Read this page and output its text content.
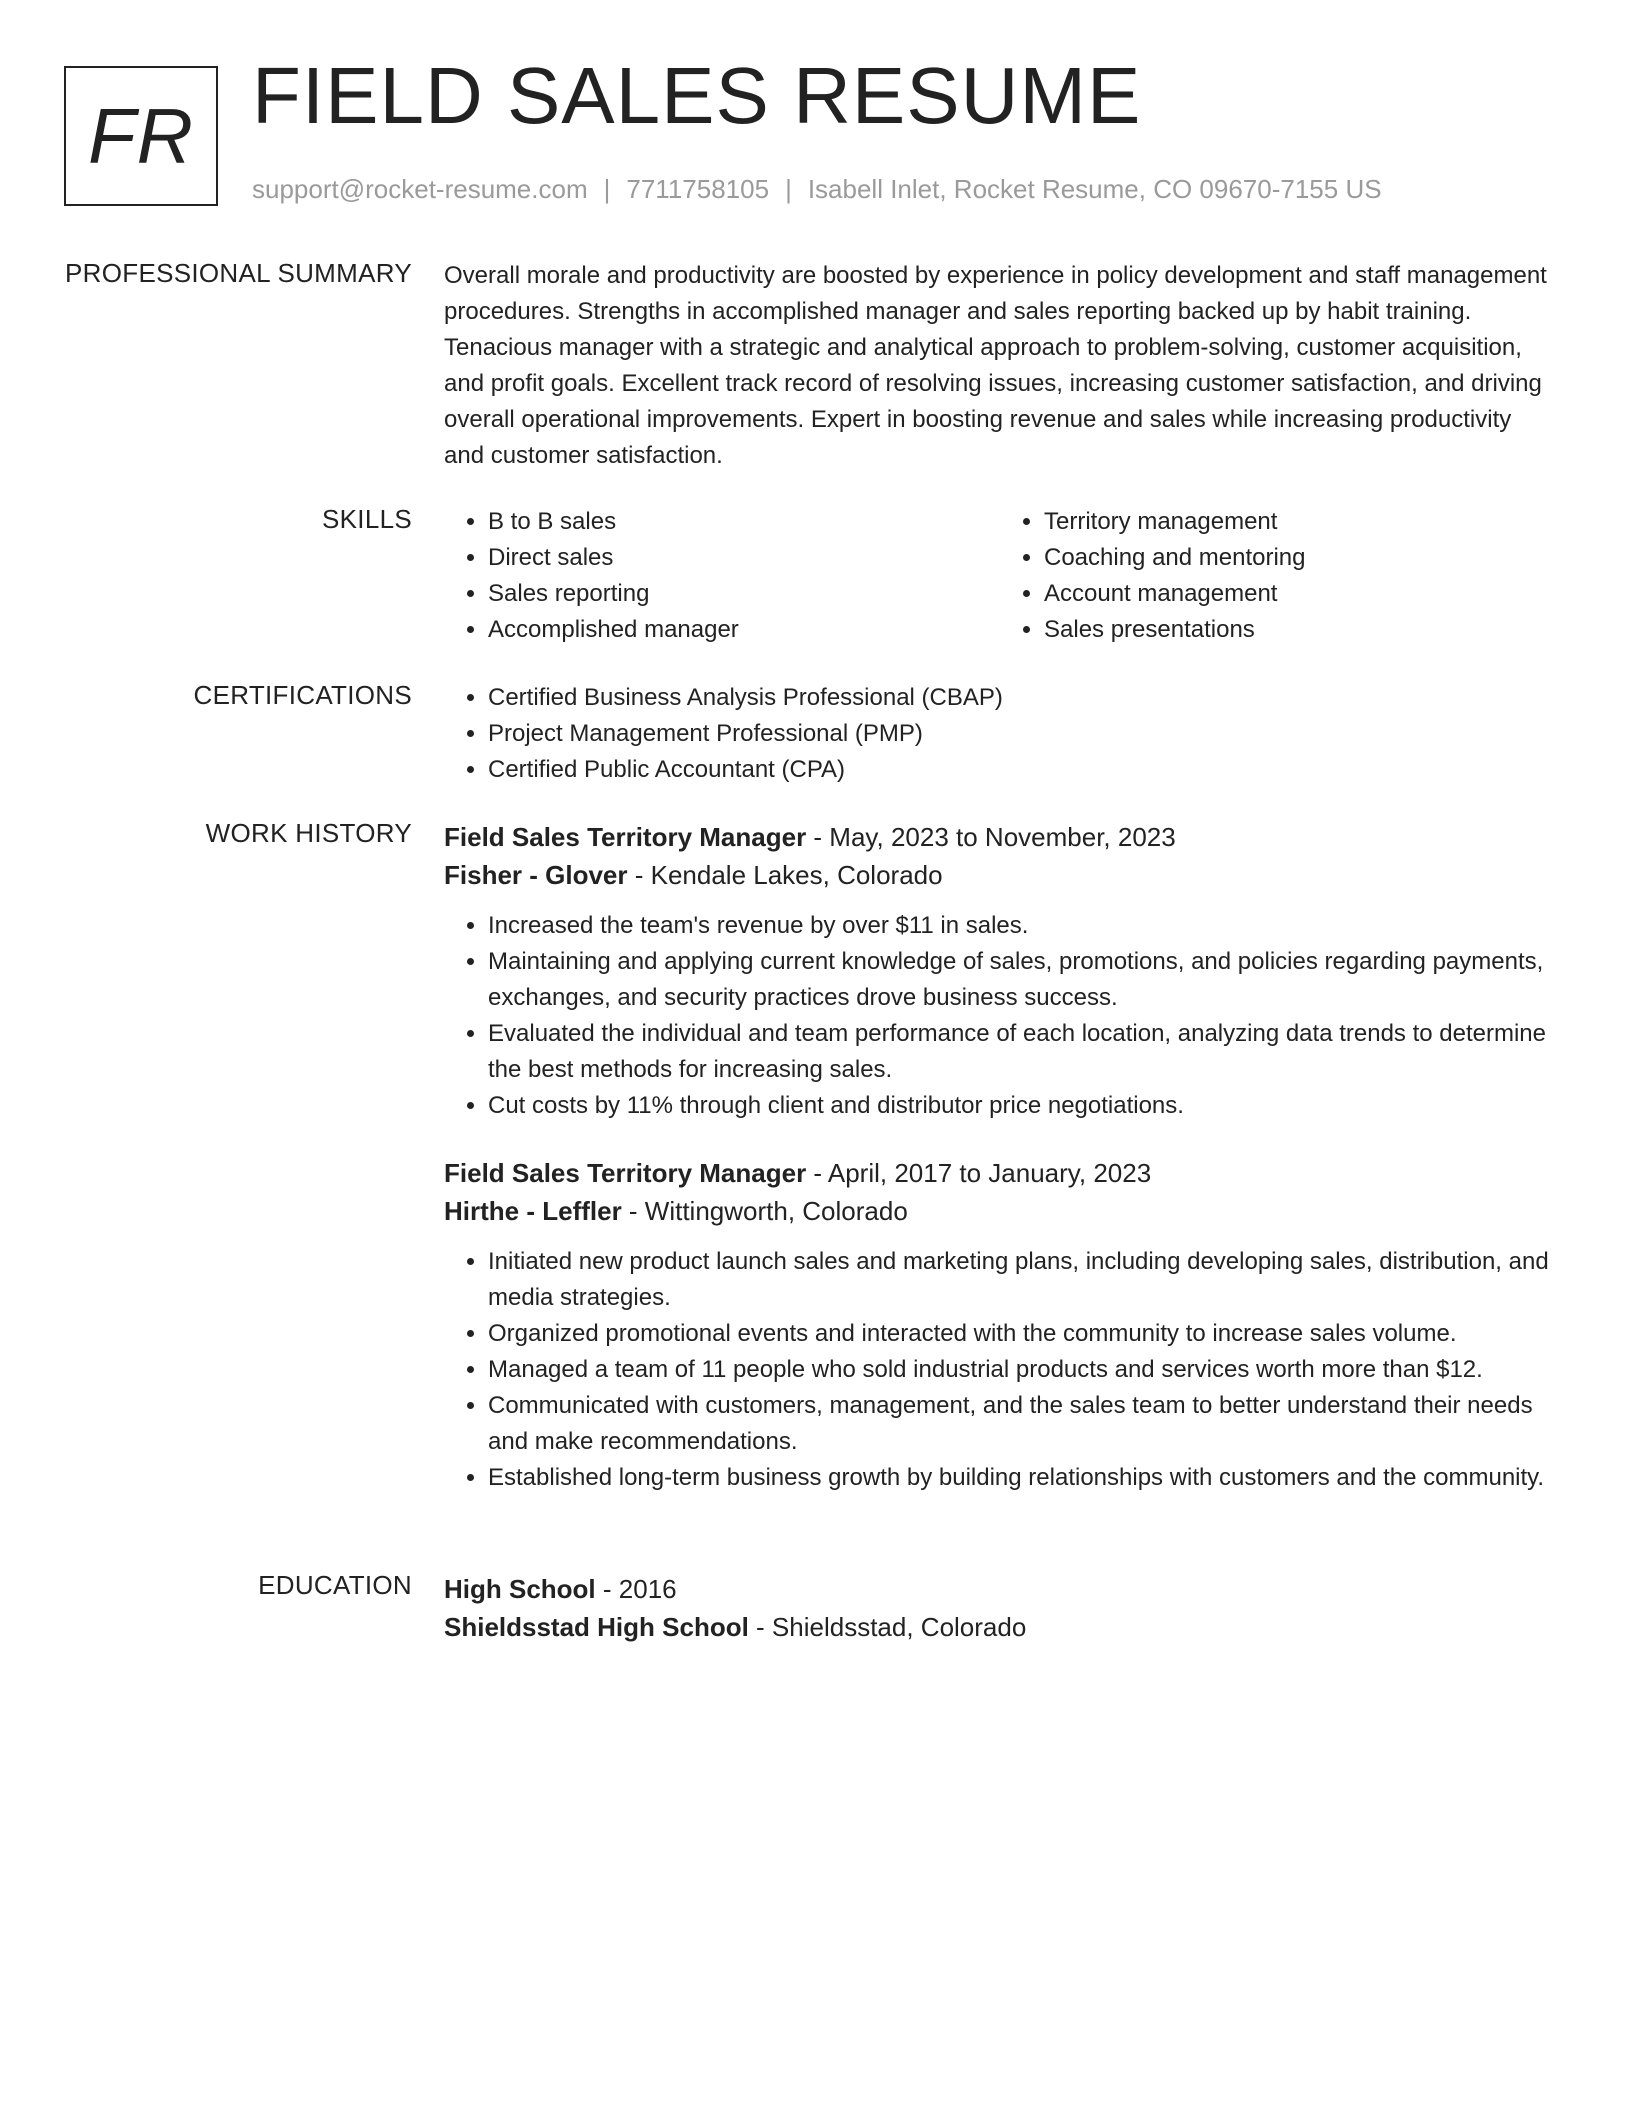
FR FIELD SALES RESUME
support@rocket-resume.com | 7711758105 | Isabell Inlet, Rocket Resume, CO 09670-7155 US
PROFESSIONAL SUMMARY Overall morale and productivity are boosted by experience in policy development and staff management procedures. Strengths in accomplished manager and sales reporting backed up by habit training. Tenacious manager with a strategic and analytical approach to problem-solving, customer acquisition, and profit goals. Excellent track record of resolving issues, increasing customer satisfaction, and driving overall operational improvements. Expert in boosting revenue and sales while increasing productivity and customer satisfaction.
SKILLS	• B to B sales
• Direct sales
• Sales reporting
• Accomplished manager
• Territory management
• Coaching and mentoring
• Account management
• Sales presentations
CERTIFICATIONS	• Certified Business Analysis Professional (CBAP)
• Project Management Professional (PMP)
• Certified Public Accountant (CPA)
WORK HISTORY Field Sales Territory Manager - May, 2023 to November, 2023
Fisher - Glover - Kendale Lakes, Colorado
• Increased the team's revenue by over $11 in sales.
• Maintaining and applying current knowledge of sales, promotions, and policies regarding payments, exchanges, and security practices drove business success.
• Evaluated the individual and team performance of each location, analyzing data trends to determine the best methods for increasing sales.
• Cut costs by 11% through client and distributor price negotiations.
Field Sales Territory Manager - April, 2017 to January, 2023
Hirthe - Leffler - Wittingworth, Colorado
• Initiated new product launch sales and marketing plans, including developing sales, distribution, and media strategies.
• Organized promotional events and interacted with the community to increase sales volume.
• Managed a team of 11 people who sold industrial products and services worth more than $12.
• Communicated with customers, management, and the sales team to better understand their needs and make recommendations.
• Established long-term business growth by building relationships with customers and the community.
EDUCATION High School - 2016
Shieldsstad High School - Shieldsstad, Colorado
